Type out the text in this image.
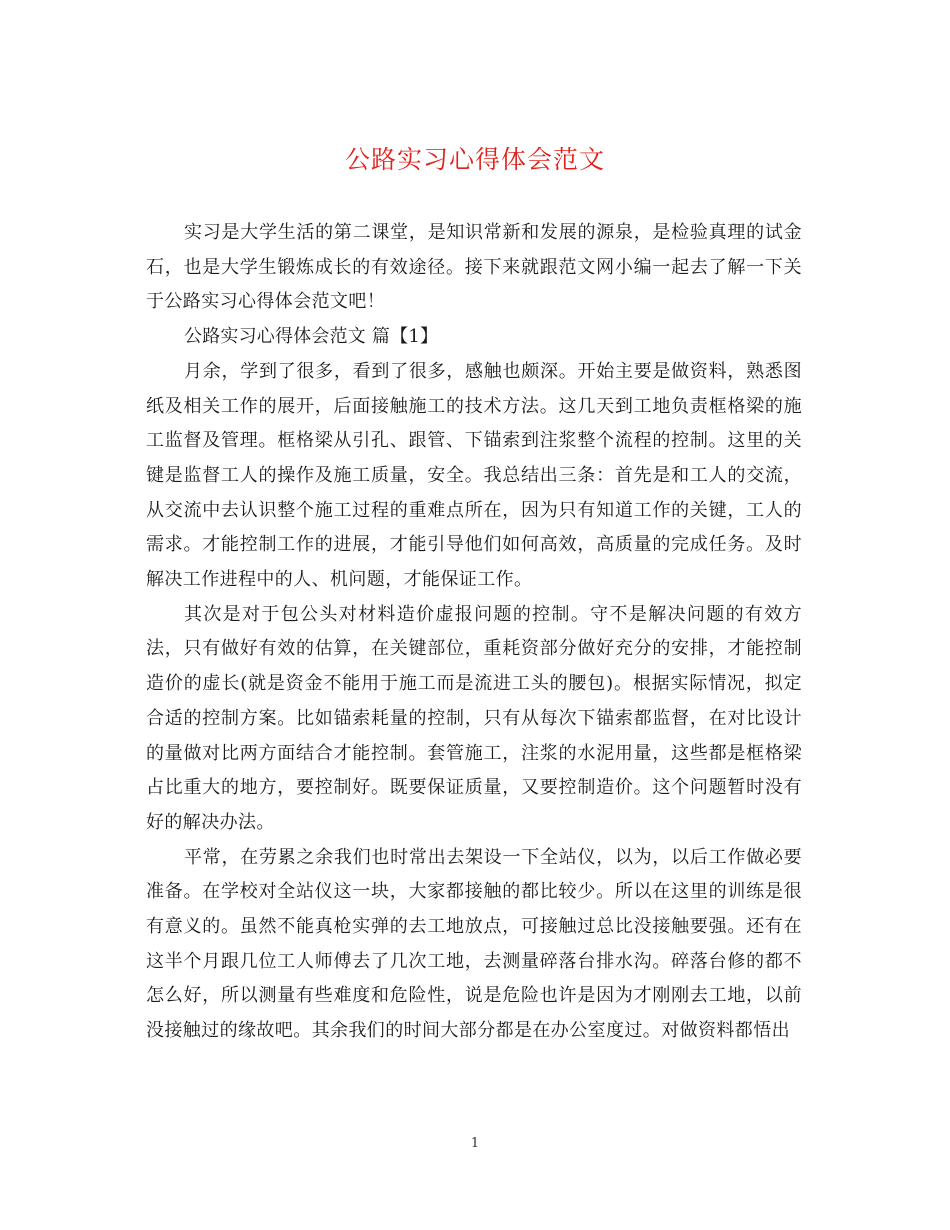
公路实习心得体会范文

实习是大学生活的第二课堂，是知识常新和发展的源泉，是检验真理的试金石，也是大学生锻炼成长的有效途径。接下来就跟范文网小编一起去了解一下关于公路实习心得体会范文吧！

公路实习心得体会范文 篇【1】

月余，学到了很多，看到了很多，感触也颇深。开始主要是做资料，熟悉图纸及相关工作的展开，后面接触施工的技术方法。这几天到工地负责框格梁的施工监督及管理。框格梁从引孔、跟管、下锚索到注浆整个流程的控制。这里的关键是监督工人的操作及施工质量，安全。我总结出三条：首先是和工人的交流，从交流中去认识整个施工过程的重难点所在，因为只有知道工作的关键，工人的需求。才能控制工作的进展，才能引导他们如何高效，高质量的完成任务。及时解决工作进程中的人、机问题，才能保证工作。

其次是对于包公头对材料造价虚报问题的控制。守不是解决问题的有效方法，只有做好有效的估算，在关键部位，重耗资部分做好充分的安排，才能控制造价的虚长(就是资金不能用于施工而是流进工头的腰包)。根据实际情况，拟定合适的控制方案。比如锚索耗量的控制，只有从每次下锚索都监督，在对比设计的量做对比两方面结合才能控制。套管施工，注浆的水泥用量，这些都是框格梁占比重大的地方，要控制好。既要保证质量，又要控制造价。这个问题暂时没有好的解决办法。

平常，在劳累之余我们也时常出去架设一下全站仪，以为，以后工作做必要准备。在学校对全站仪这一块，大家都接触的都比较少。所以在这里的训练是很有意义的。虽然不能真枪实弹的去工地放点，可接触过总比没接触要强。还有在这半个月跟几位工人师傅去了几次工地，去测量碎落台排水沟。碎落台修的都不怎么好，所以测量有些难度和危险性，说是危险也许是因为才刚刚去工地，以前没接触过的缘故吧。其余我们的时间大部分都是在办公室度过。对做资料都悟出

1
